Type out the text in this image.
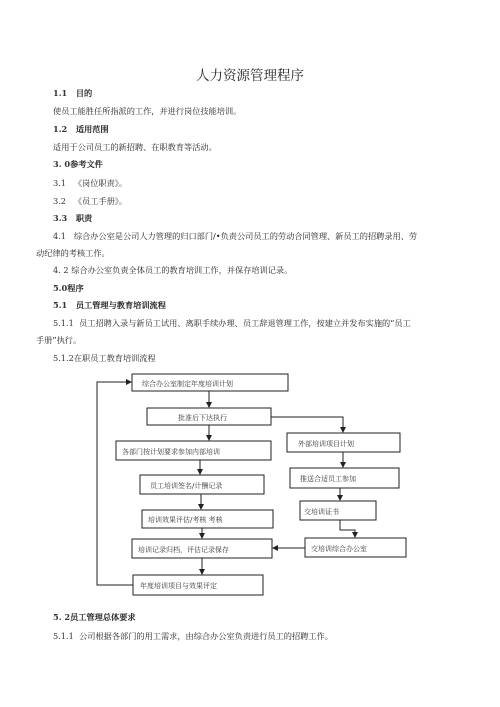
人力资源管理程序
1.1 目的
使员工能胜任所指派的工作，并进行岗位技能培训。
1.2 适用范围
适用于公司员工的新招聘、在职教育等活动。
3. 0参考文件
3.1 《岗位职责》。
3.2 《员工手册》。
3.3 职责
4.1 综合办公室是公司人力管理的归口部门/•负责公司员工的劳动合同管理、新员工的招聘录用、劳
动纪律的考核工作。
4. 2 综合办公室负责全体员工的教育培训工作，并保存培训记录。
5.0程序
5.1 员工管理与教育培训流程
5.1.1 员工招聘入录与新员工试用、离职手续办理、员工辞退管理工作，按建立并发布实施的“员工
手册”执行。
5.1.2在职员工教育培训流程
综合办公室制定年度培训计划
批准后下达执行
各部门按计划要求参加内部培训
员工培训签名/计酬记录
培训效果评估/考核 考核
培训记录归档，评估记录保存
年度培训项目与效果评定
外部培训项目计划
推送合适员工参加
交培训证书
交培训综合办公室
5. 2员工管理总体要求
5.1.1 公司根据各部门的用工需求，由综合办公室负责进行员工的招聘工作。
